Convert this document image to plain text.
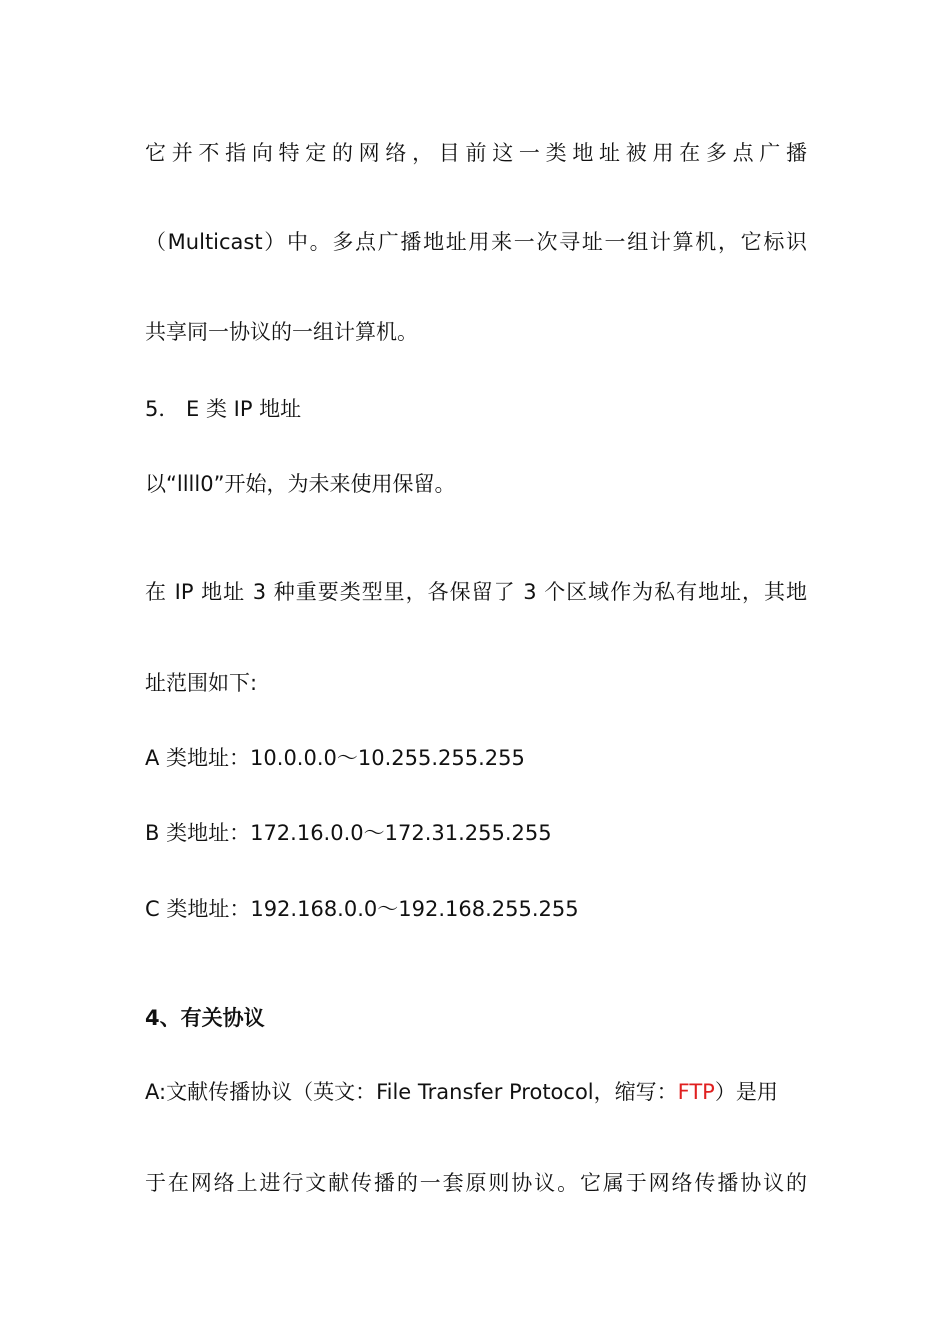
它并不指向特定的网络，目前这一类地址被用在多点广播
（Multicast）中。多点广播地址用来一次寻址一组计算机，它标识
共享同一协议的一组计算机。
5． E 类 IP 地址
以“llll0”开始，为未来使用保留。
在 IP 地址 3 种重要类型里，各保留了 3 个区域作为私有地址，其地
址范围如下:
A 类地址：10.0.0.0～10.255.255.255
B 类地址：172.16.0.0～172.31.255.255
C 类地址：192.168.0.0～192.168.255.255
4、有关协议
A:文献传播协议（英文：File Transfer Protocol，缩写：FTP）是用
于在网络上进行文献传播的一套原则协议。它属于网络传播协议的
